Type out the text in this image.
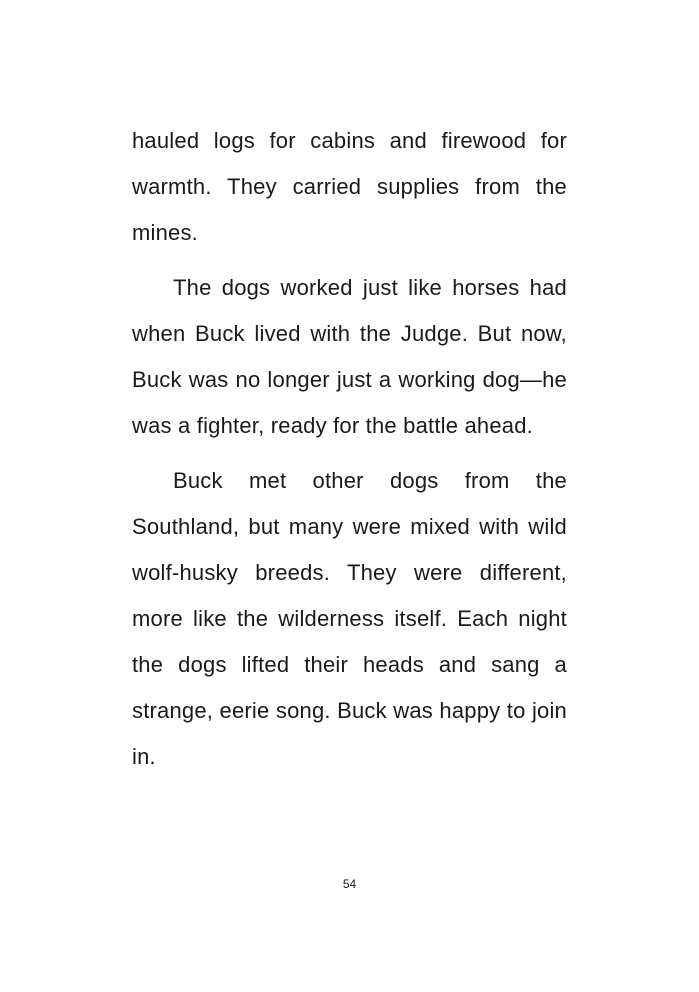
hauled logs for cabins and firewood for warmth. They carried supplies from the mines.

The dogs worked just like horses had when Buck lived with the Judge. But now, Buck was no longer just a working dog—he was a fighter, ready for the battle ahead.

Buck met other dogs from the Southland, but many were mixed with wild wolf-husky breeds. They were different, more like the wilderness itself. Each night the dogs lifted their heads and sang a strange, eerie song. Buck was happy to join in.

54
